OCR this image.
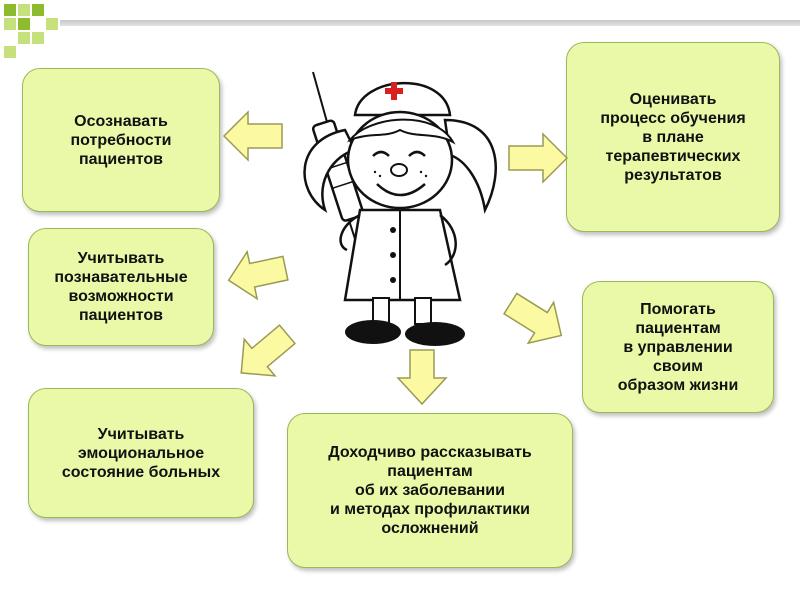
Осознавать
потребности
пациентов
Учитывать
познавательные
возможности
пациентов
Учитывать
эмоциональное
состояние больных
Доходчиво рассказывать
пациентам
об их заболевании
и методах профилактики
осложнений
Оценивать
процесс обучения
в плане
терапевтических
результатов
Помогать
пациентам
в управлении
своим
образом жизни
